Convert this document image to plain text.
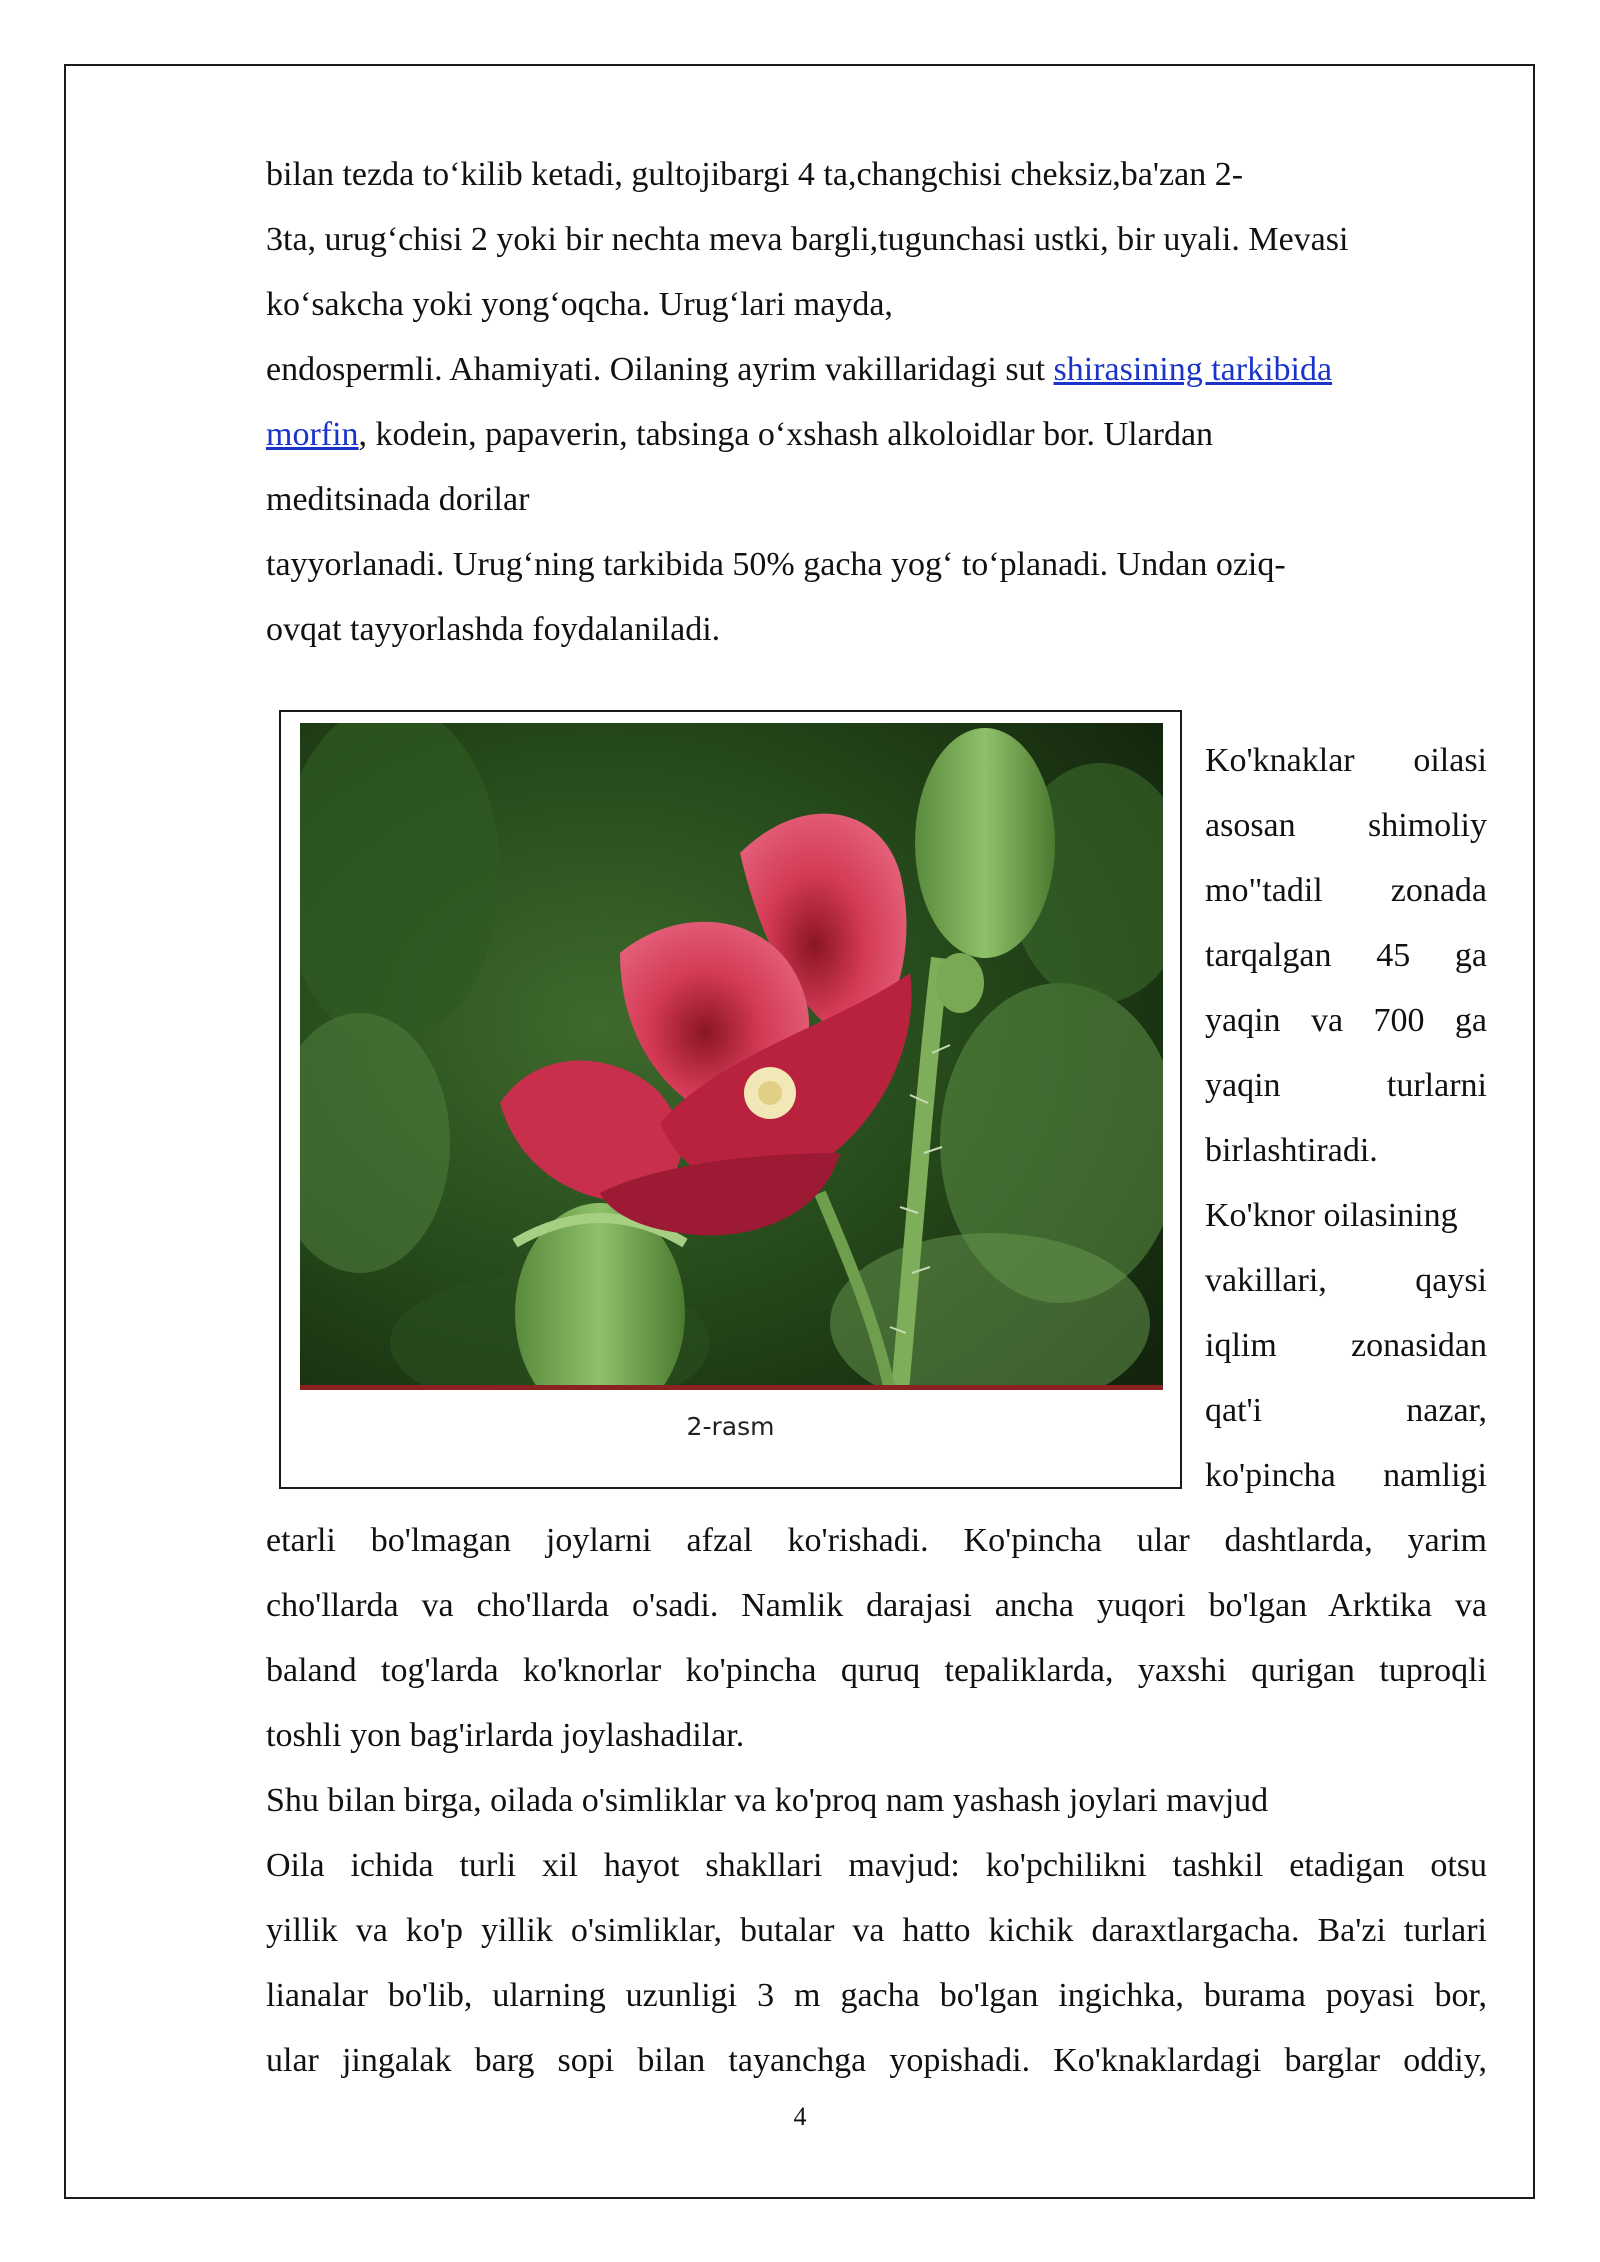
bilan tezda to‘kilib ketadi, gultojibargi 4 ta,changchisi cheksiz,ba'zan 2-
3ta, urug‘chisi 2 yoki bir nechta meva bargli,tugunchasi ustki, bir uyali. Mevasi
ko‘sakcha yoki yong‘oqcha. Urug‘lari mayda,
endospermli. Ahamiyati. Oilaning ayrim vakillaridagi sut shirasining tarkibida
morfin, kodein, papaverin, tabsinga o‘xshash alkoloidlar bor. Ulardan
meditsinada dorilar
tayyorlanadi. Urug‘ning tarkibida 50% gacha yog‘ to‘planadi. Undan oziq-
ovqat tayyorlashda foydalaniladi.
2-rasm
Ko'knaklar oilasi
asosan shimoliy
mo"tadil zonada
tarqalgan 45 ga
yaqin va 700 ga
yaqin turlarni
birlashtiradi.
Ko'knor oilasining
vakillari, qaysi
iqlim zonasidan
qat'i nazar,
ko'pincha namligi
etarli bo'lmagan joylarni afzal ko'rishadi. Ko'pincha ular dashtlarda, yarim
cho'llarda va cho'llarda o'sadi. Namlik darajasi ancha yuqori bo'lgan Arktika va
baland tog'larda ko'knorlar ko'pincha quruq tepaliklarda, yaxshi qurigan tuproqli
toshli yon bag'irlarda joylashadilar.
Shu bilan birga, oilada o'simliklar va ko'proq nam yashash joylari mavjud
Oila ichida turli xil hayot shakllari mavjud: ko'pchilikni tashkil etadigan otsu
yillik va ko'p yillik o'simliklar, butalar va hatto kichik daraxtlargacha. Ba'zi turlari
lianalar bo'lib, ularning uzunligi 3 m gacha bo'lgan ingichka, burama poyasi bor,
ular jingalak barg sopi bilan tayanchga yopishadi. Ko'knaklardagi barglar oddiy,
4
